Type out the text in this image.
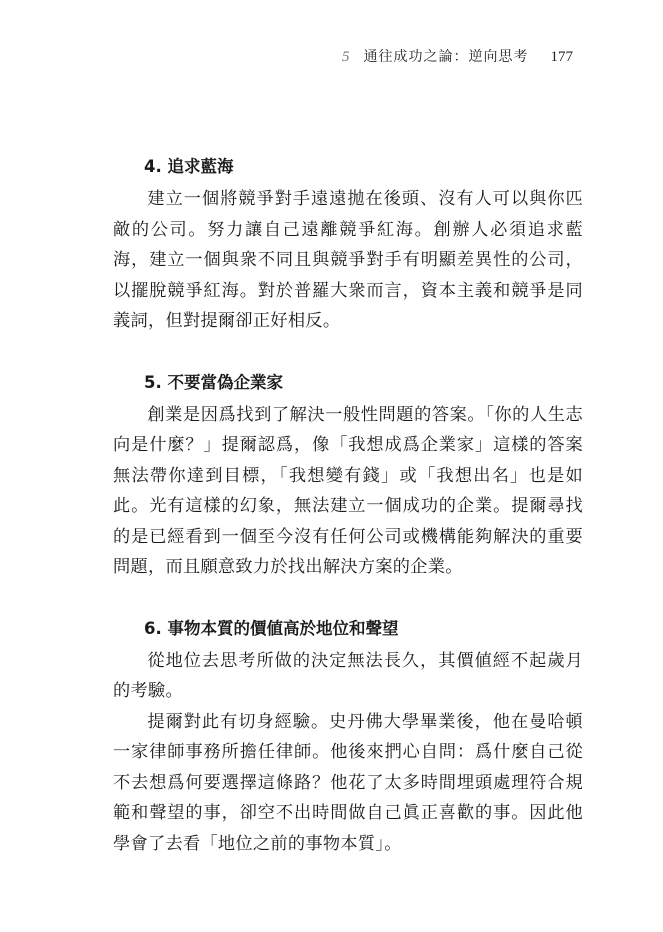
5 通往成功之論：逆向思考 177
4. 追求藍海

建立一個將競爭對手遠遠拋在後頭、沒有人可以與你匹敵的公司。努力讓自己遠離競爭紅海。創辦人必須追求藍海，建立一個與衆不同且與競爭對手有明顯差異性的公司，以擺脫競爭紅海。對於普羅大衆而言，資本主義和競爭是同義詞，但對提爾卻正好相反。

5. 不要當偽企業家

創業是因爲找到了解決一般性問題的答案。「你的人生志向是什麼？」提爾認爲，像「我想成爲企業家」這樣的答案無法帶你達到目標，「我想變有錢」或「我想出名」也是如此。光有這樣的幻象，無法建立一個成功的企業。提爾尋找的是已經看到一個至今沒有任何公司或機構能夠解決的重要問題，而且願意致力於找出解決方案的企業。

6. 事物本質的價値高於地位和聲望

從地位去思考所做的決定無法長久，其價値經不起歲月的考驗。

提爾對此有切身經驗。史丹佛大學畢業後，他在曼哈頓一家律師事務所擔任律師。他後來捫心自問：爲什麼自己從不去想爲何要選擇這條路？他花了太多時間埋頭處理符合規範和聲望的事，卻空不出時間做自己眞正喜歡的事。因此他學會了去看「地位之前的事物本質」。
